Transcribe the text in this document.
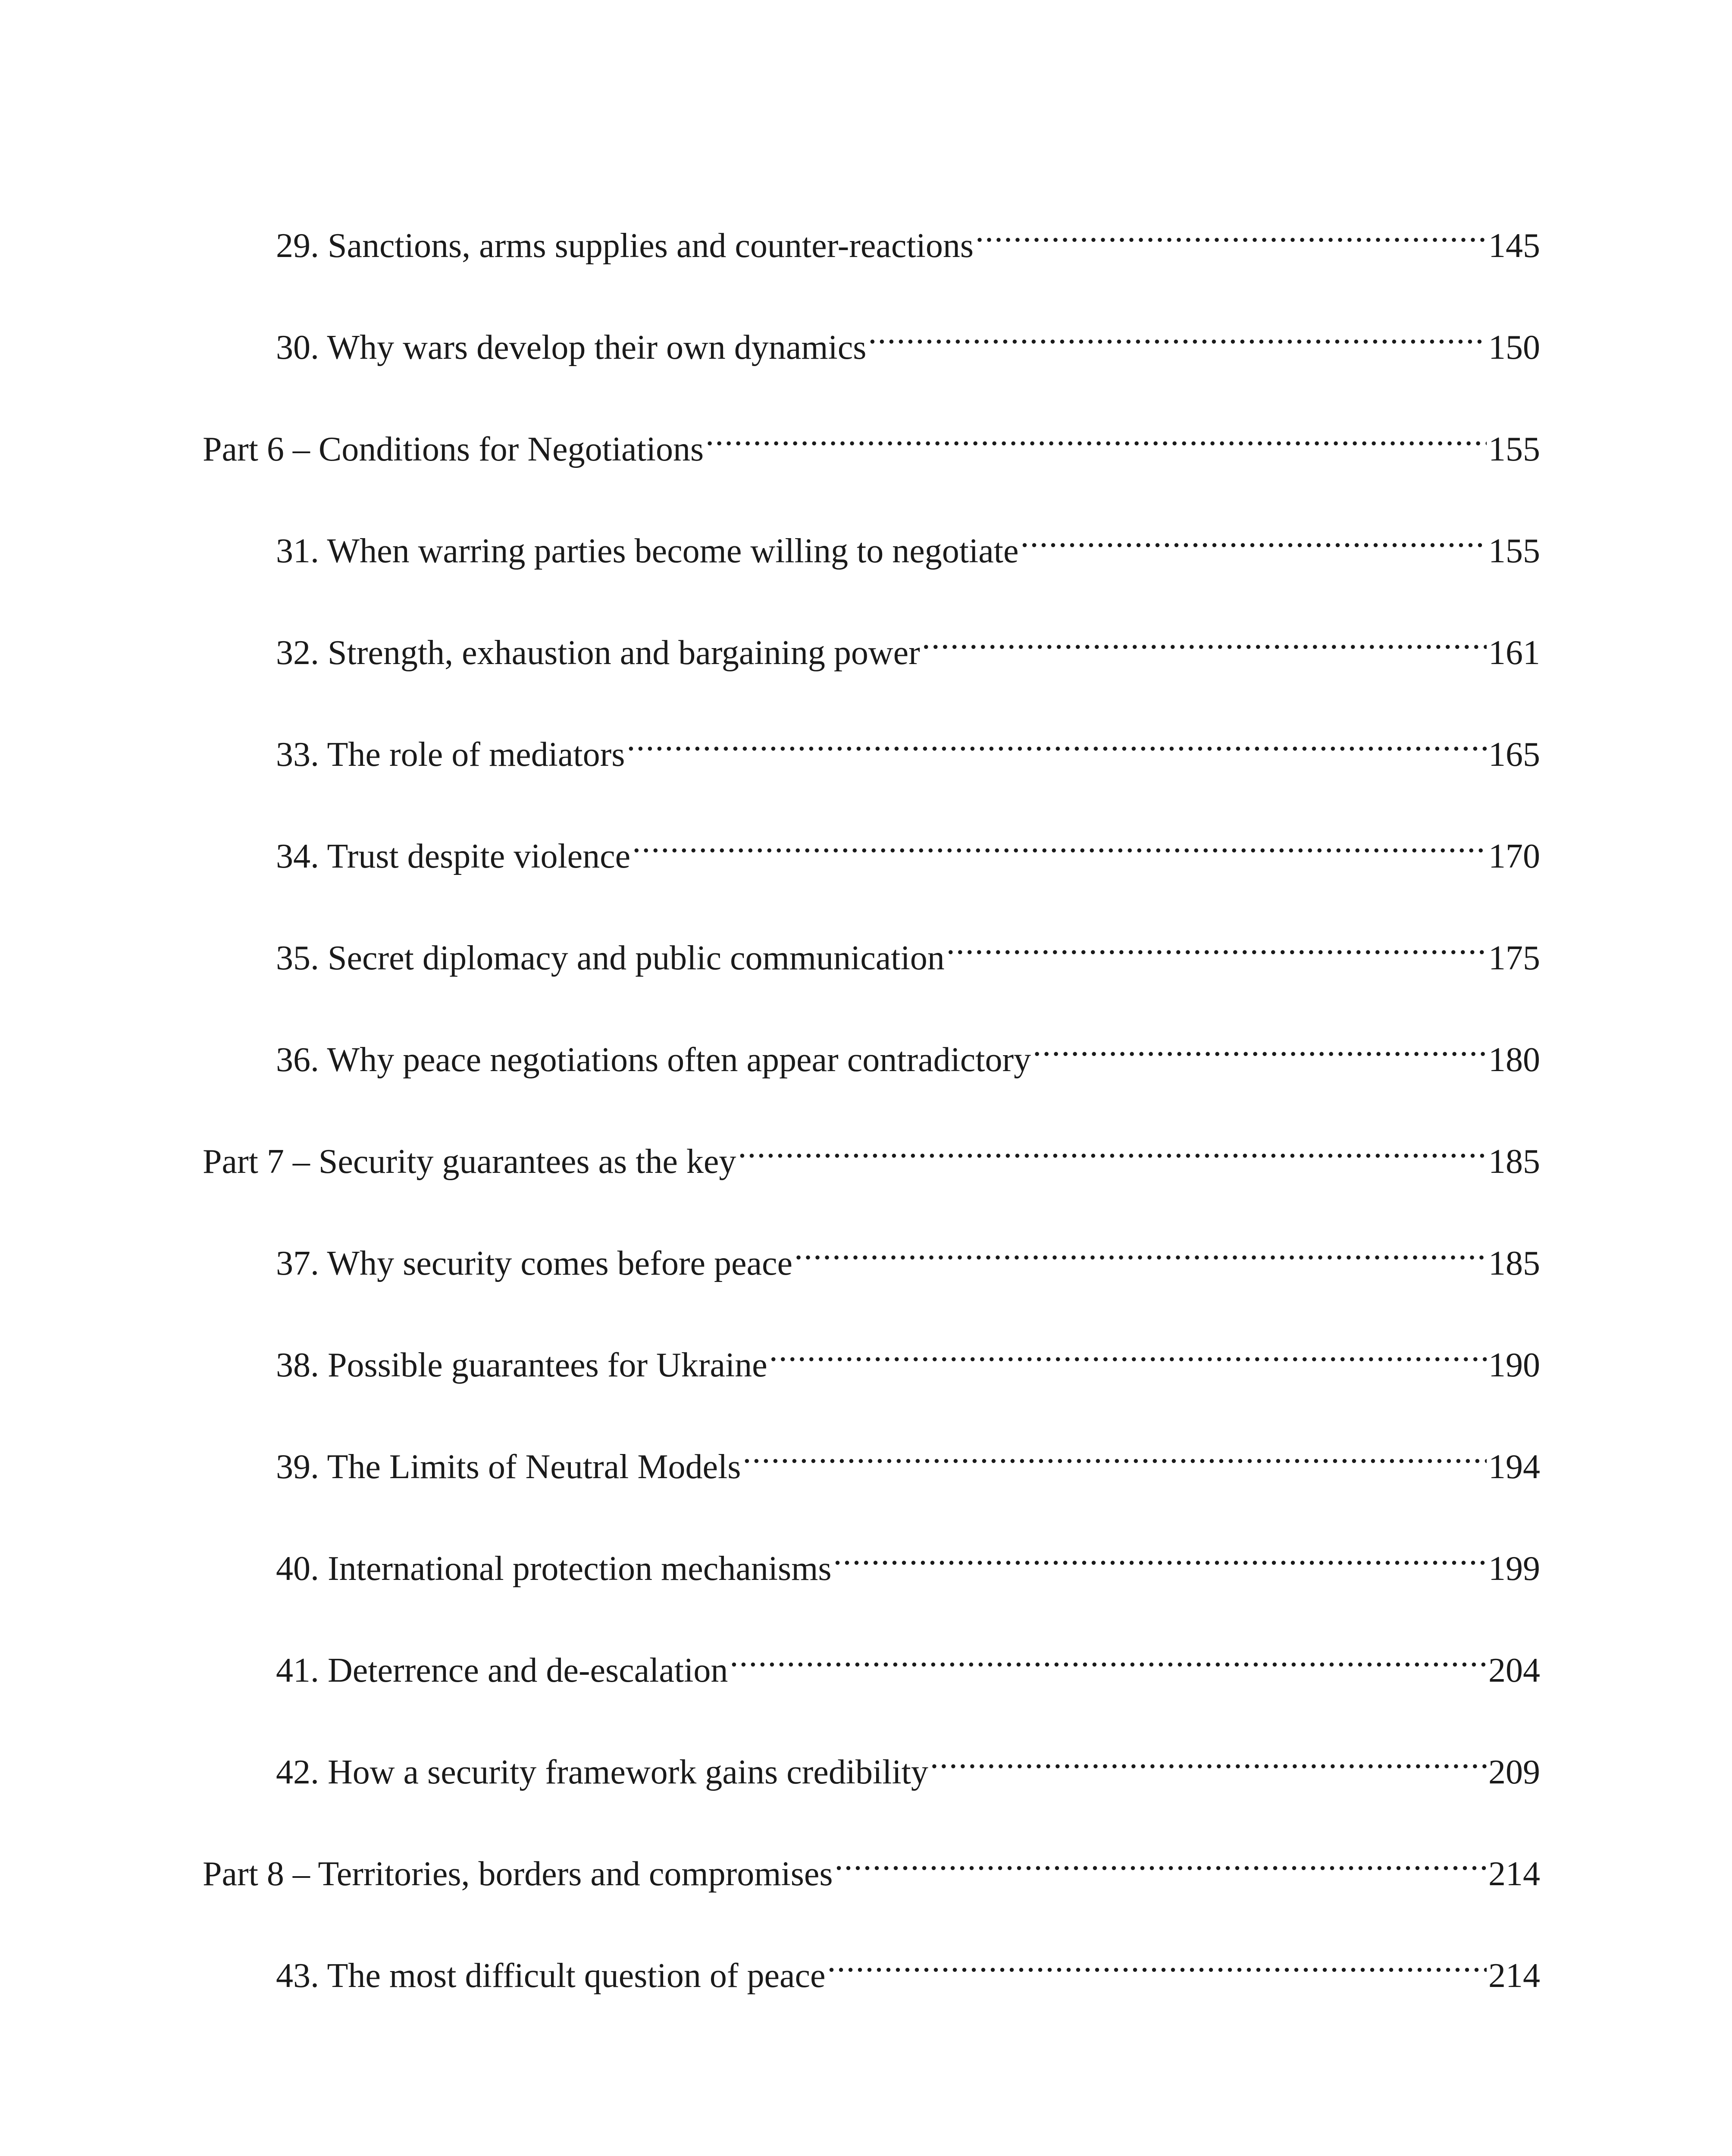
29. Sanctions, arms supplies and counter-reactions .....	145
30. Why wars develop their own dynamics .....	150
Part 6 – Conditions for Negotiations .....	155
31. When warring parties become willing to negotiate .....	155
32. Strength, exhaustion and bargaining power .....	161
33. The role of mediators .....	165
34. Trust despite violence .....	170
35. Secret diplomacy and public communication .....	175
36. Why peace negotiations often appear contradictory .....	180
Part 7 – Security guarantees as the key .....	185
37. Why security comes before peace .....	185
38. Possible guarantees for Ukraine .....	190
39. The Limits of Neutral Models .....	194
40. International protection mechanisms .....	199
41. Deterrence and de-escalation .....	204
42. How a security framework gains credibility .....	209
Part 8 – Territories, borders and compromises .....	214
43. The most difficult question of peace .....	214
